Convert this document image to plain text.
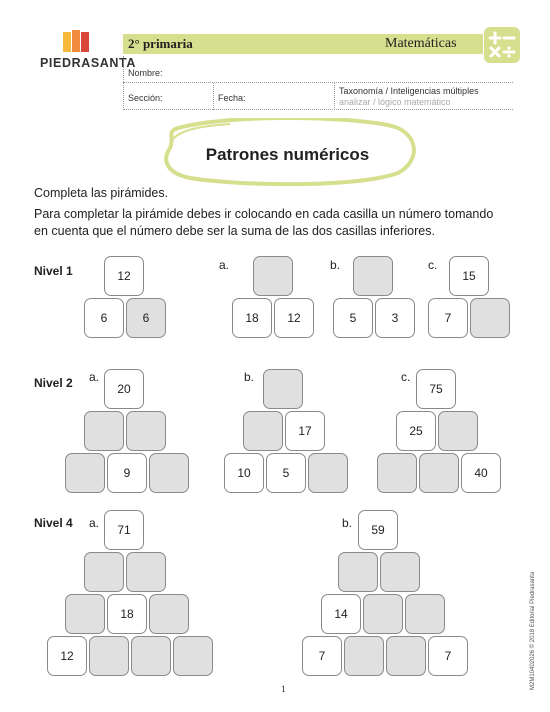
PIEDRASANTA
2° primaria	Matemáticas
Nombre:
Sección:	Fecha:
Taxonomía / Inteligencias múltiples
analizar / lógico matemático
Patrones numéricos
Completa las pirámides.
Para completar la pirámide debes ir colocando en cada casilla un número tomando
en cuenta que el número debe ser la suma de las dos casillas inferiores.
Nivel 1
Nivel 2
Nivel 4
a.	b.	c.
a.	b.	c.
a.	b.
12
6	6	18	12	5	3
15
7
20
9
17
10	5
75
25
40
71
18
12
59
14
7	7
1	M2M10402026 © 2018 Editorial Piedrasanta
